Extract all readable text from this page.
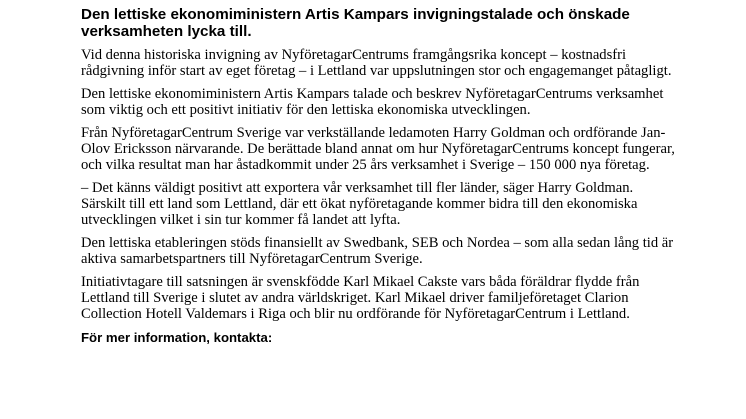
Den lettiske ekonomiministern Artis Kampars invigningstalade och önskade verksamheten lycka till.

Vid denna historiska invigning av NyföretagarCentrums framgångsrika koncept – kostnadsfri rådgivning inför start av eget företag – i Lettland var uppslutningen stor och engagemanget påtagligt.

Den lettiske ekonomiministern Artis Kampars talade och beskrev NyföretagarCentrums verksamhet som viktig och ett positivt initiativ för den lettiska ekonomiska utvecklingen.

Från NyföretagarCentrum Sverige var verkställande ledamoten Harry Goldman och ordförande Jan-Olov Ericksson närvarande. De berättade bland annat om hur NyföretagarCentrums koncept fungerar, och vilka resultat man har åstadkommit under 25 års verksamhet i Sverige – 150 000 nya företag.

– Det känns väldigt positivt att exportera vår verksamhet till fler länder, säger Harry Goldman. Särskilt till ett land som Lettland, där ett ökat nyföretagande kommer bidra till den ekonomiska utvecklingen vilket i sin tur kommer få landet att lyfta.

Den lettiska etableringen stöds finansiellt av Swedbank, SEB och Nordea – som alla sedan lång tid är aktiva samarbetspartners till NyföretagarCentrum Sverige.

Initiativtagare till satsningen är svenskfödde Karl Mikael Cakste vars båda föräldrar flydde från Lettland till Sverige i slutet av andra världskriget. Karl Mikael driver familjeföretaget Clarion Collection Hotell Valdemars i Riga och blir nu ordförande för NyföretagarCentrum i Lettland.

För mer information, kontakta:
